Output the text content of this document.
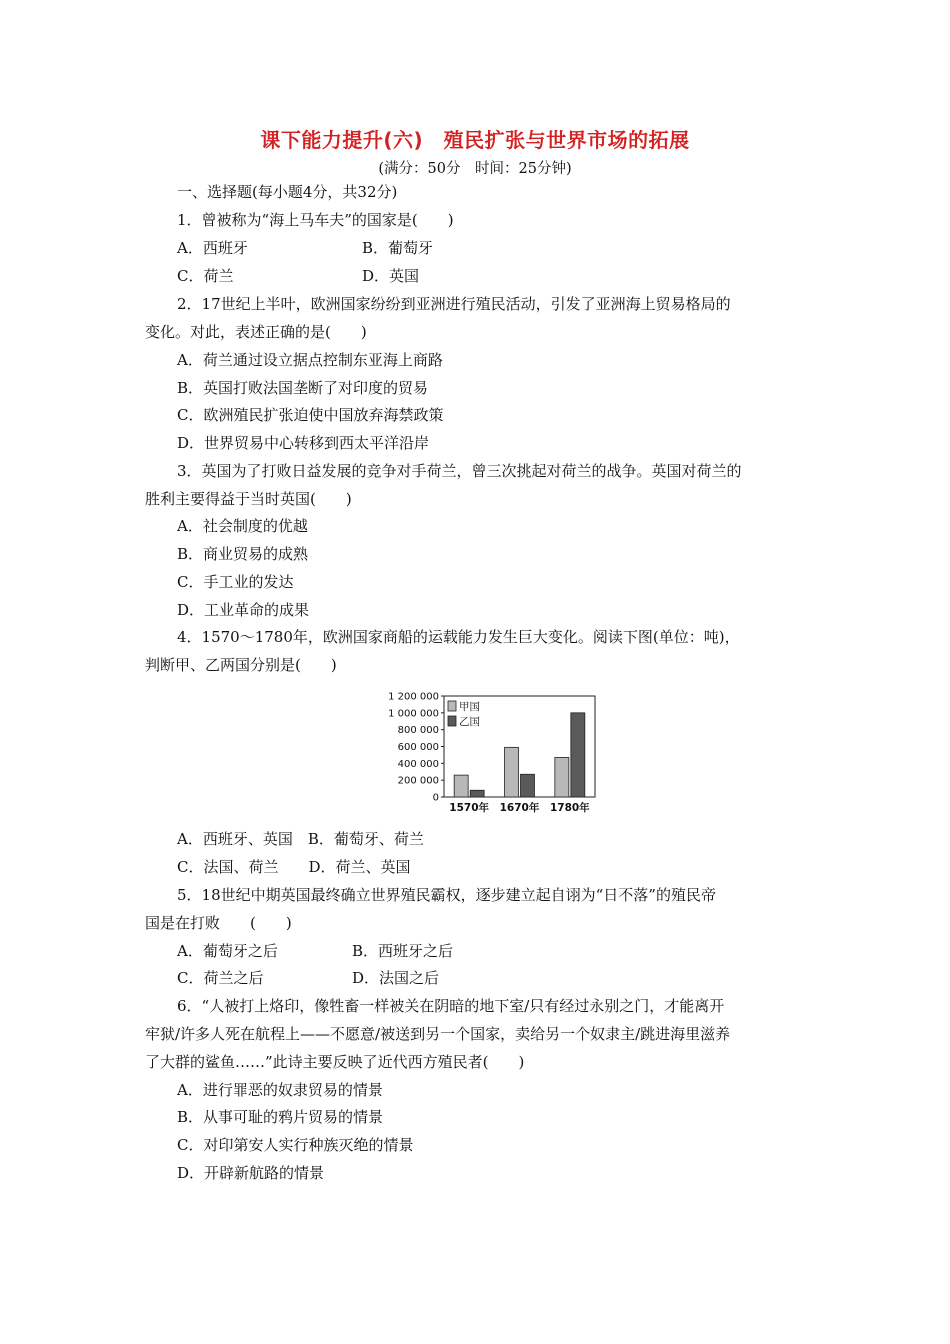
课下能力提升(六)　殖民扩张与世界市场的拓展
(满分：50分　时间：25分钟)
一、选择题(每小题4分，共32分)
1．曾被称为“海上马车夫”的国家是(　　)
A．西班牙	B．葡萄牙
C．荷兰	D．英国
2．17世纪上半叶，欧洲国家纷纷到亚洲进行殖民活动，引发了亚洲海上贸易格局的
变化。对此，表述正确的是(　　)
A．荷兰通过设立据点控制东亚海上商路
B．英国打败法国垄断了对印度的贸易
C．欧洲殖民扩张迫使中国放弃海禁政策
D．世界贸易中心转移到西太平洋沿岸
3．英国为了打败日益发展的竞争对手荷兰，曾三次挑起对荷兰的战争。英国对荷兰的
胜利主要得益于当时英国(　　)
A．社会制度的优越
B．商业贸易的成熟
C．手工业的发达
D．工业革命的成果
4．1570～1780年，欧洲国家商船的运载能力发生巨大变化。阅读下图(单位：吨)，
判断甲、乙两国分别是(　　)
0
200 000
400 000
600 000
800 000
1 000 000
1 200 000
1570年 1670年 1780年
甲国
乙国
A．西班牙、英国　B．葡萄牙、荷兰
C．法国、荷兰　　D．荷兰、英国
5．18世纪中期英国最终确立世界殖民霸权，逐步建立起自诩为“日不落”的殖民帝
国是在打败　　(　　)
A．葡萄牙之后	B．西班牙之后
C．荷兰之后	D．法国之后
6．“人被打上烙印，像牲畜一样被关在阴暗的地下室/只有经过永别之门，才能离开
牢狱/许多人死在航程上——不愿意/被送到另一个国家，卖给另一个奴隶主/跳进海里滋养
了大群的鲨鱼……”此诗主要反映了近代西方殖民者(　　)
A．进行罪恶的奴隶贸易的情景
B．从事可耻的鸦片贸易的情景
C．对印第安人实行种族灭绝的情景
D．开辟新航路的情景
